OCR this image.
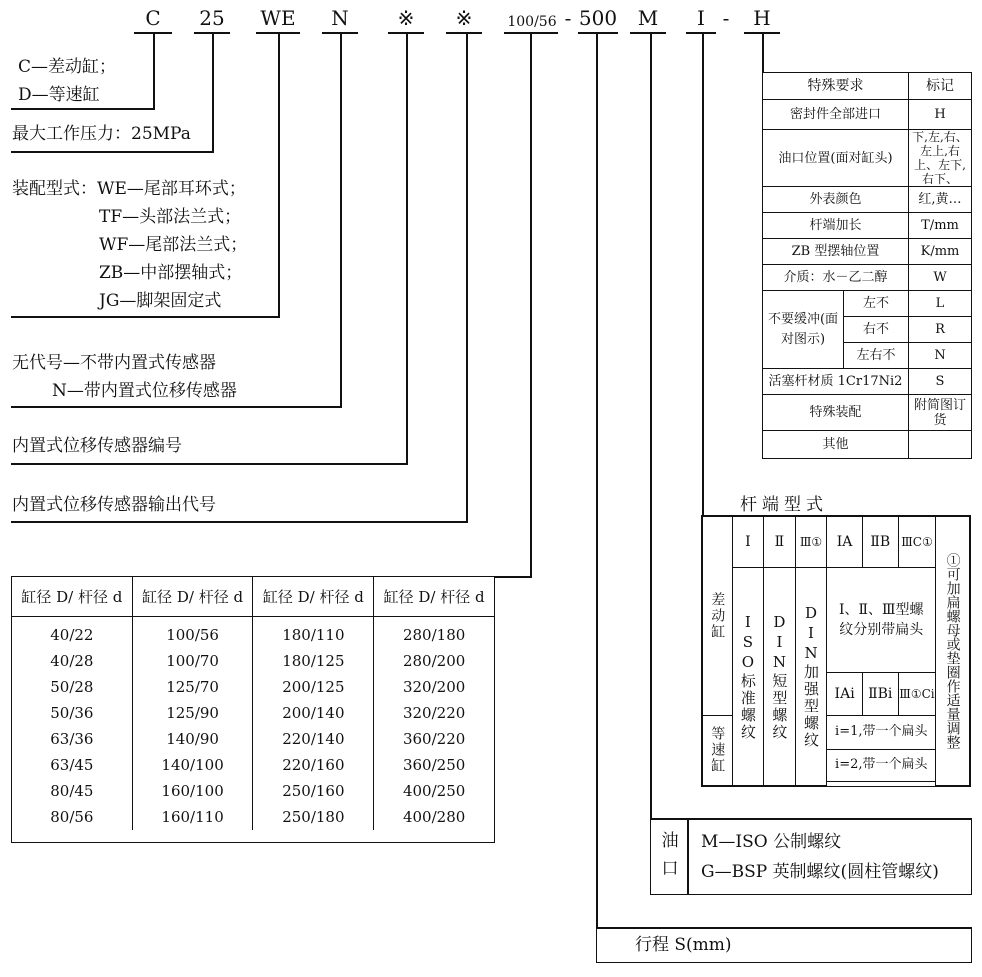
C	25 WE N ※ ※	100/56 - 500 M	I - H
C—差动缸；
D—等速缸
最大工作压力：25MPa
装配型式：WE—尾部耳环式；
TF—头部法兰式；
WF—尾部法兰式；
ZB—中部摆轴式；
JG—脚架固定式
无代号—不带内置式传感器
N—带内置式位移传感器
内置式位移传感器编号
内置式位移传感器输出代号
特殊要求		标记
密封件全部进口		H
油口位置(面对缸头)		下,左,右、左上,右上、左下,右下、
外表颜色		红,黄…
杆端加长		T/mm
ZB 型摆轴位置		K/mm
介质：水－乙二醇		W
不要缓冲(面对图示)	左不	L
	右不	R
	左右不	N
活塞杆材质 1Cr17Ni2		S
特殊装配		附简图订 货
其他		
缸径 D/ 杆径 d	缸径 D/ 杆径 d	缸径 D/ 杆径 d	缸径 D/ 杆径 d
40/22	100/56	180/110	280/180
40/28	100/70	180/125	280/200
50/28	125/70	200/125	320/200
50/36	125/90	200/140	320/220
63/36	140/90	220/140	360/220
63/45	140/100	220/160	360/250
80/45	160/100	250/160	400/250
80/56	160/110	250/180	400/280
杆端型式
差动缸	Ⅰ	Ⅱ	Ⅲ①	ⅠA	ⅡB	ⅢC①	①可加扁螺母或垫圈作适量调整
	ISO标准螺纹	DIN短型螺纹	DIN加强型螺纹	Ⅰ、Ⅱ、Ⅲ型螺纹分别带扁头			
				ⅠAi	ⅡBi	Ⅲ①Ci	
等速缸				i=1,带一个扁头			
				i=2,带一个扁头			

油口
M—ISO 公制螺纹
G—BSP 英制螺纹(圆柱管螺纹)
行程 S(mm)
